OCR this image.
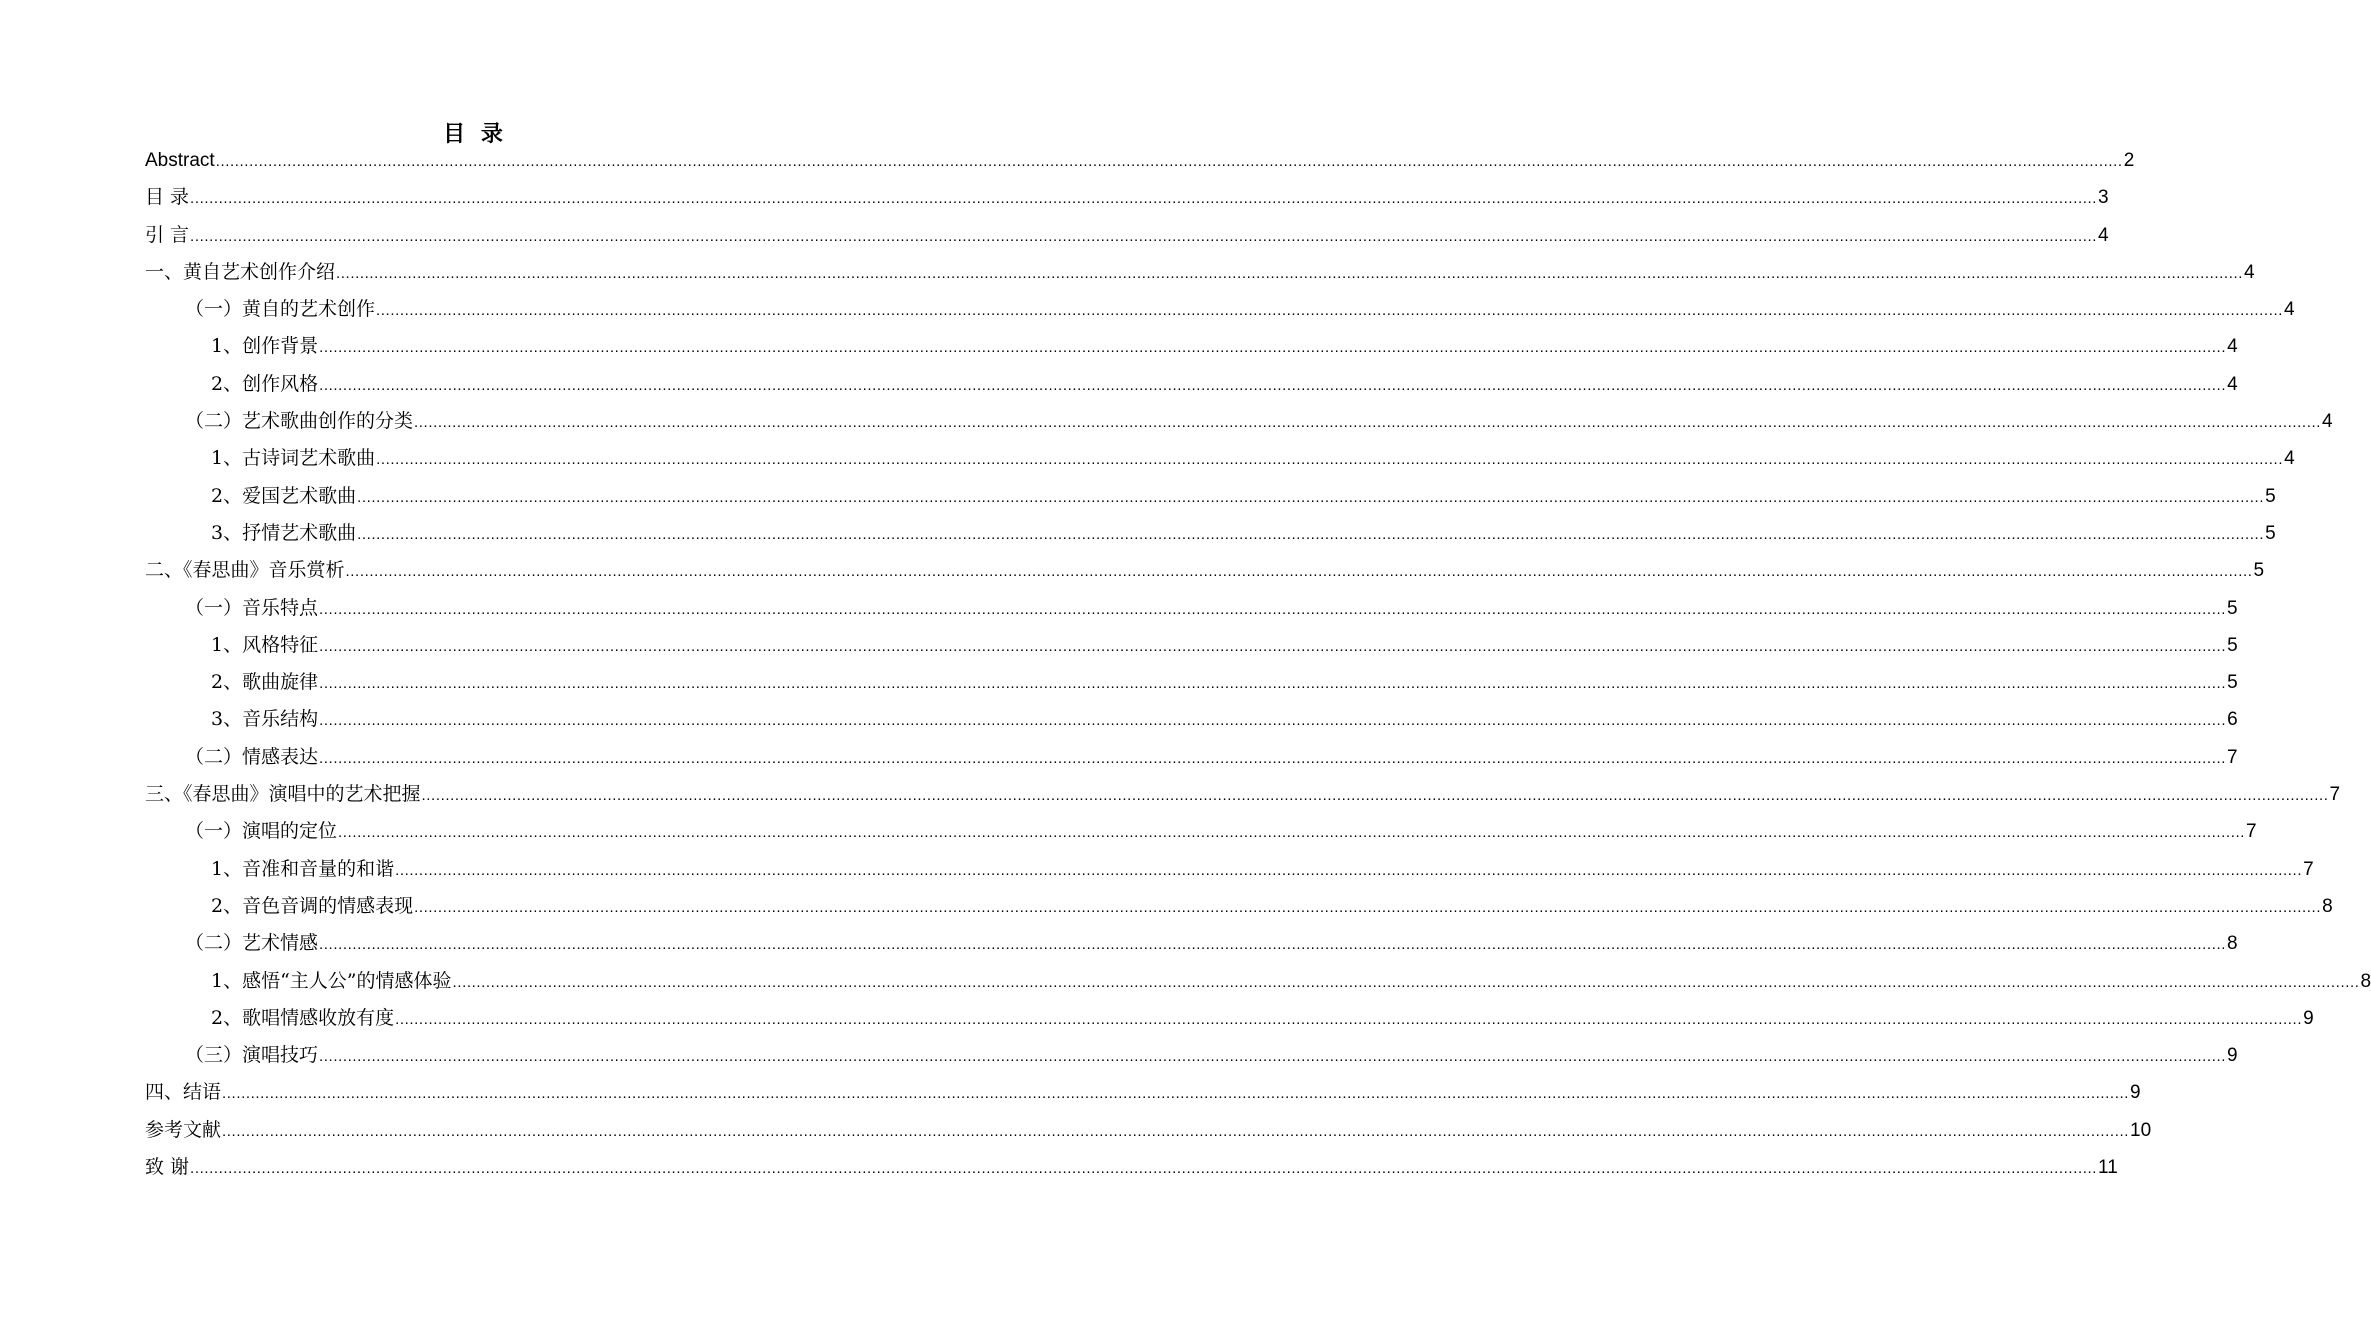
目 录
Abstract ................................................................................................................................................................................................................................................................................................................................................................................................................ 2
目 录 ................................................................................................................................................................................................................................................................................................................................................................................................................ 3
引 言 ................................................................................................................................................................................................................................................................................................................................................................................................................ 4
一、黄自艺术创作介绍 ................................................................................................................................................................................................................................................................................................................................................................................................................ 4
（一）黄自的艺术创作 ................................................................................................................................................................................................................................................................................................................................................................................................................ 4
1、创作背景 ................................................................................................................................................................................................................................................................................................................................................................................................................ 4
2、创作风格 ................................................................................................................................................................................................................................................................................................................................................................................................................ 4
（二）艺术歌曲创作的分类 ................................................................................................................................................................................................................................................................................................................................................................................................................ 4
1、古诗词艺术歌曲 ................................................................................................................................................................................................................................................................................................................................................................................................................ 4
2、爱国艺术歌曲 ................................................................................................................................................................................................................................................................................................................................................................................................................ 5
3、抒情艺术歌曲 ................................................................................................................................................................................................................................................................................................................................................................................................................ 5
二、《春思曲》音乐赏析 ................................................................................................................................................................................................................................................................................................................................................................................................................ 5
（一）音乐特点 ................................................................................................................................................................................................................................................................................................................................................................................................................ 5
1、风格特征 ................................................................................................................................................................................................................................................................................................................................................................................................................ 5
2、歌曲旋律 ................................................................................................................................................................................................................................................................................................................................................................................................................ 5
3、音乐结构 ................................................................................................................................................................................................................................................................................................................................................................................................................ 6
（二）情感表达 ................................................................................................................................................................................................................................................................................................................................................................................................................ 7
三、《春思曲》演唱中的艺术把握 ................................................................................................................................................................................................................................................................................................................................................................................................................ 7
（一）演唱的定位 ................................................................................................................................................................................................................................................................................................................................................................................................................ 7
1、音准和音量的和谐 ................................................................................................................................................................................................................................................................................................................................................................................................................ 7
2、音色音调的情感表现 ................................................................................................................................................................................................................................................................................................................................................................................................................ 8
（二）艺术情感 ................................................................................................................................................................................................................................................................................................................................................................................................................ 8
1、感悟“主人公”的情感体验 ................................................................................................................................................................................................................................................................................................................................................................................................................ 8
2、歌唱情感收放有度 ................................................................................................................................................................................................................................................................................................................................................................................................................ 9
（三）演唱技巧 ................................................................................................................................................................................................................................................................................................................................................................................................................ 9
四、结语 ................................................................................................................................................................................................................................................................................................................................................................................................................ 9
参考文献 ................................................................................................................................................................................................................................................................................................................................................................................................................ 10
致 谢 ................................................................................................................................................................................................................................................................................................................................................................................................................ 11
